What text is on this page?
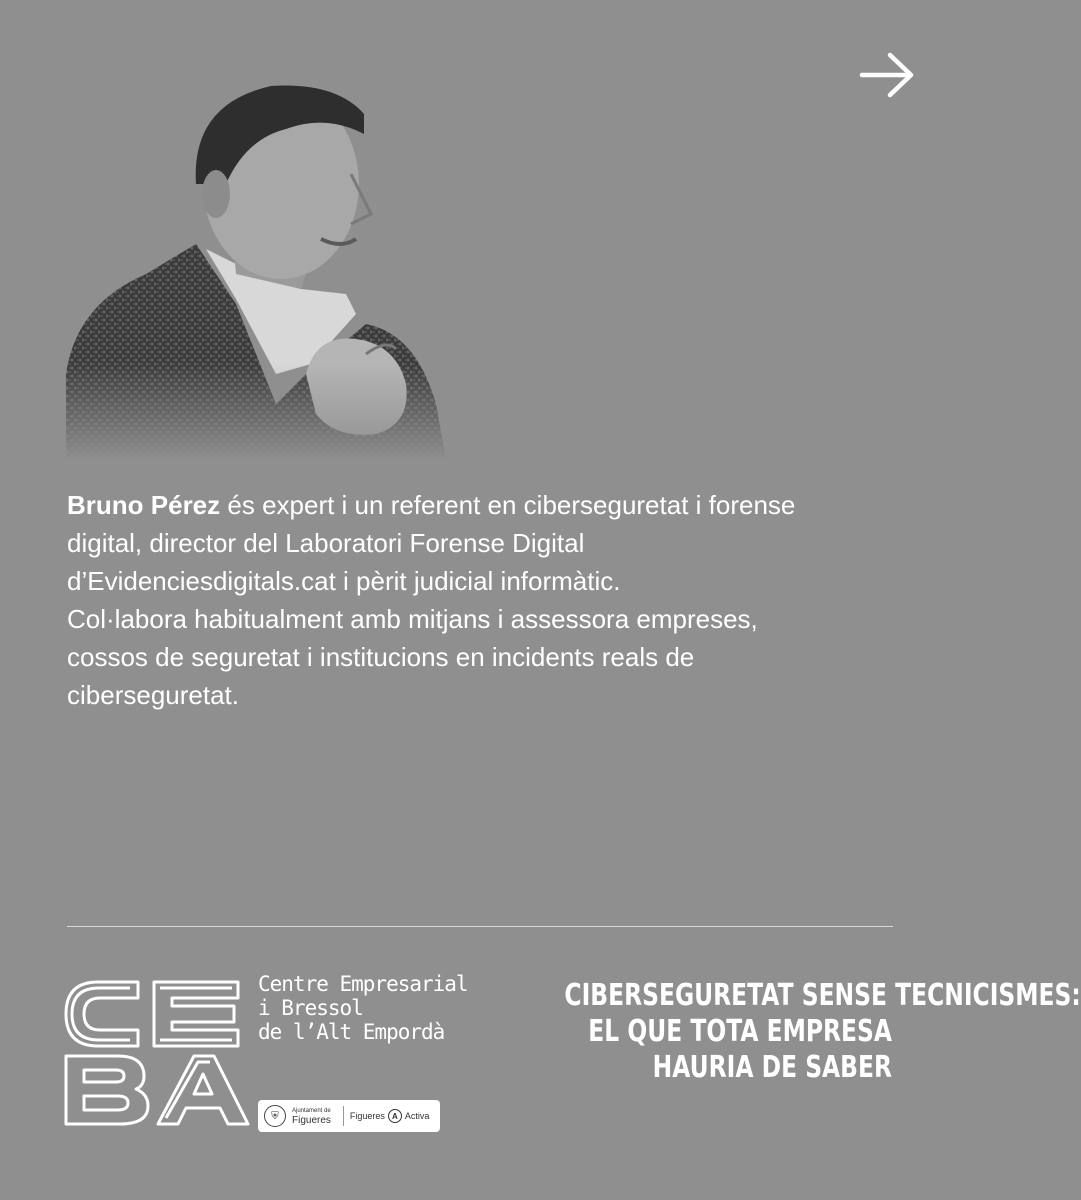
Bruno Pérez és expert i un referent en ciberseguretat i forense

digital, director del Laboratori Forense Digital

d’Evidenciesdigitals.cat i pèrit judicial informàtic.

Col·labora habitualment amb mitjans i assessora empreses,

cossos de seguretat i institucions en incidents reals de

ciberseguretat.

Centre Empresarial
i Bressol
de l’Alt Empordà
⛨	Ajuntament de
Figueres Figueres A Activa
CIBERSEGURETAT SENSE TECNICISMES:
EL QUE TOTA EMPRESA
HAURIA DE SABER
